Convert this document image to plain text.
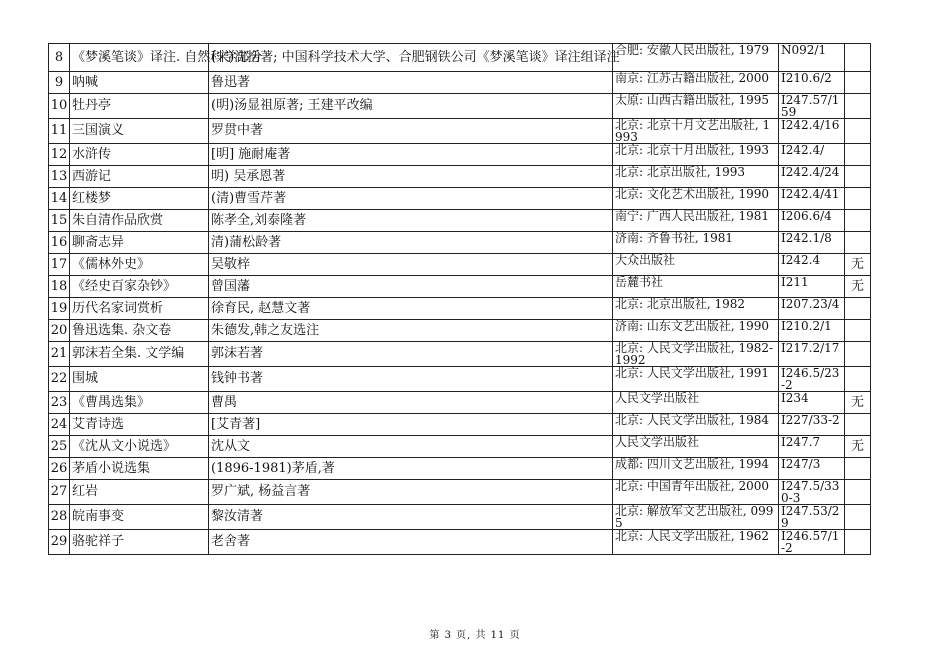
8	《梦溪笔谈》译注. 自然科学部分	(宋)沈括著; 中国科学技术大学、合肥钢铁公司《梦溪笔谈》译注组译注	合肥: 安徽人民出版社, 1979	N092/1	
9	呐喊	鲁迅著	南京: 江苏古籍出版社, 2000	I210.6/2	
10	牡丹亭	(明)汤显祖原著; 王建平改编	太原: 山西古籍出版社, 1995	I247.57/159	
11	三国演义	罗贯中著	北京: 北京十月文艺出版社, 1993	I242.4/16	
12	水浒传	[明] 施耐庵著	北京: 北京十月出版社, 1993	I242.4/	
13	西游记	明) 吴承恩著	北京: 北京出版社, 1993	I242.4/24	
14	红楼梦	(清)曹雪芹著	北京: 文化艺术出版社, 1990	I242.4/41	
15	朱自清作品欣赏	陈孝全,刘泰隆著	南宁: 广西人民出版社, 1981	I206.6/4	
16	聊斋志异	清)蒲松龄著	济南: 齐鲁书社, 1981	I242.1/8	
17	《儒林外史》	吴敬梓	大众出版社	I242.4	无
18	《经史百家杂钞》	曾国藩	岳麓书社	I211	无
19	历代名家词赏析	徐育民, 赵慧文著	北京: 北京出版社, 1982	I207.23/4	
20	鲁迅选集. 杂文卷	朱德发,韩之友选注	济南: 山东文艺出版社, 1990	I210.2/1	
21	郭沫若全集. 文学编	郭沫若著	北京: 人民文学出版社, 1982-1992	I217.2/17	
22	围城	钱钟书著	北京: 人民文学出版社, 1991	I246.5/23-2	
23	《曹禺选集》	曹禺	人民文学出版社	I234	无
24	艾青诗选	[艾青著]	北京: 人民文学出版社, 1984	I227/33-2	
25	《沈从文小说选》	沈从文	人民文学出版社	I247.7	无
26	茅盾小说选集	(1896-1981)茅盾,著	成都: 四川文艺出版社, 1994	I247/3	
27	红岩	罗广斌, 杨益言著	北京: 中国青年出版社, 2000	I247.5/330-3	
28	皖南事变	黎汝清著	北京: 解放军文艺出版社, 0995	I247.53/29	
29	骆驼祥子	老舍著	北京: 人民文学出版社, 1962	I246.57/1-2	
第 3 页, 共 11 页
